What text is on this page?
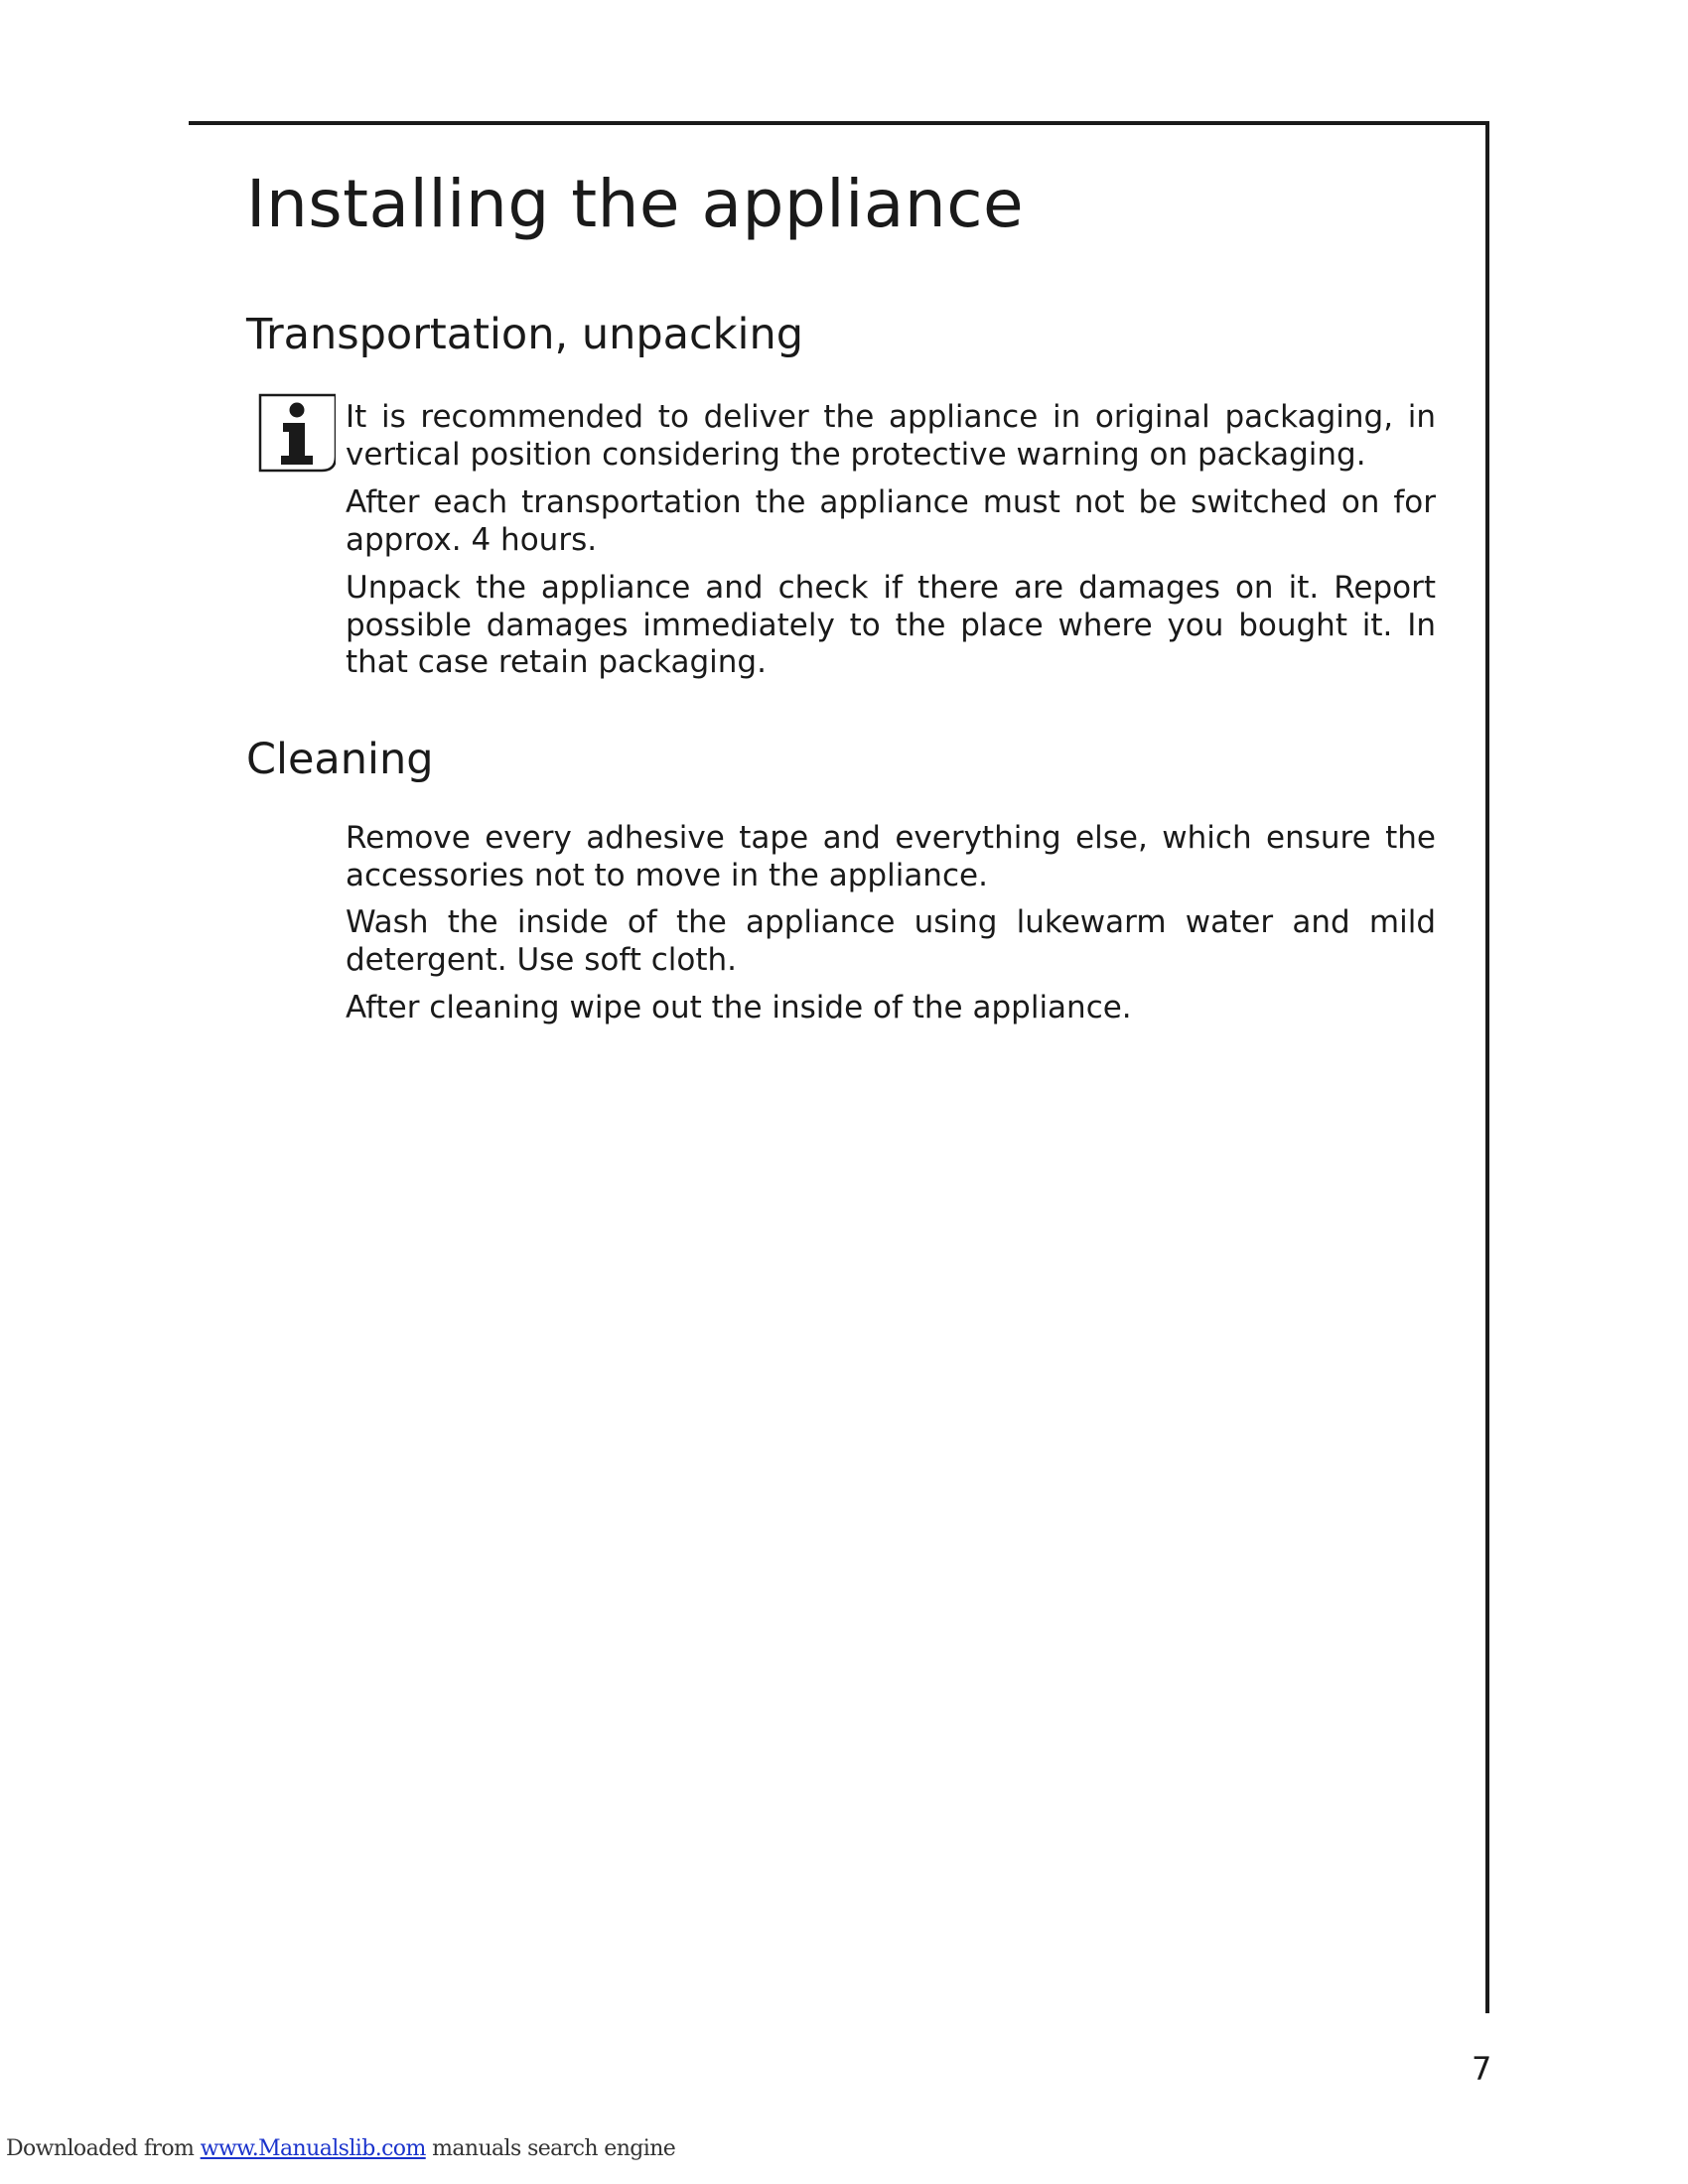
Installing the appliance
Transportation, unpacking

It is recommended to deliver the appliance in original packaging, in vertical position considering the protective warning on packaging.

After each transportation the appliance must not be switched on for approx. 4 hours.

Unpack the appliance and check if there are damages on it. Report possible damages immediately to the place where you bought it. In that case retain packaging.

Cleaning

Remove every adhesive tape and everything else, which ensure the accessories not to move in the appliance.

Wash the inside of the appliance using lukewarm water and mild detergent. Use soft cloth.

After cleaning wipe out the inside of the appliance.

7
Downloaded from www.Manualslib.com manuals search engine
